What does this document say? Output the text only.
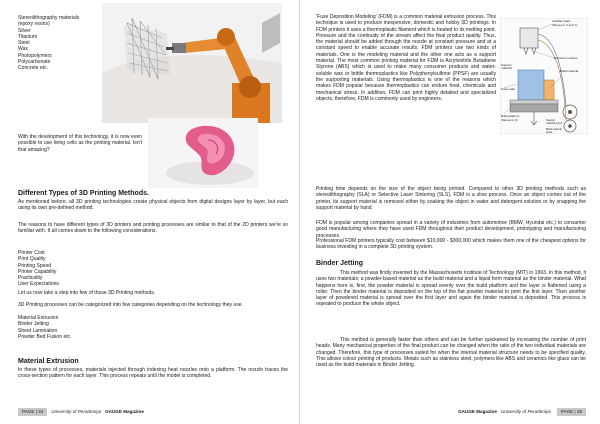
Stereolithography materials
(epoxy resins)
Silver
Titanium
Steel
Wax
Photopolymers
Polycarbonate
Concrete etc.

With the development of this technology, it is now even possible to use living cells as the printing material. Isn't that amazing?

Different Types of 3D Printing Methods.

As mentioned before, all 3D printing technologies create physical objects from digital designs layer by layer, but each using its own pre-defined method.

The reasons to have different types of 3D printers and printing processes are similar to that of the 2D printers we're so familiar with. It all comes down to the following considerations.

Printer Cost
Print Quality
Printing Speed
Printer Capability
Practicality
User Expectations

Let us now take a step into few of those 3D Printing methods.

3D Printing processes can be categorized into few categories depending on the technology they use.

Material Extrusion
Binder Jetting
Sheet Lamination
Powder Bed Fusion etc.
Material Extrusion

In these types of processes, materials injected through indexing heat nozzles onto a platform. The nozzle traces the cross-section pattern for each layer. This process repeats until the model is completed.

PAGE | 34	University of Peradeniya GAUGE Magazine
Liquifier head
(Moves in X and Y)
Extrusion nozzles
Support material
Build material
Foam slab
Build platform
(Moves in Z)	Support material spool
Build material spool

‘Fuse Deposition Modeling’ (FDM) is a common material extrusion process. This technique is used to produce inexpensive, domestic and hobby 3D printings. In FDM printers it uses a thermoplastic filament which is heated to its melting point. Pressure and the continuity of the stream affect the final product quality. Thus, the material should be added through the nozzle at constant pressure and at a constant speed to enable accurate results. FDM printers use two kinds of materials. One is the modeling material and the other one acts as a support material. The most common printing material for FDM is Acrylonitrile Butadiene Styrene (ABS) which is used to make many consumer products and water-soluble wax or brittle thermoplastics like Polyphenylsulfone (PPSF) are usually the supporting materials. Using thermoplastics is one of the reasons which makes FDM popular because thermoplastics can endure heat, chemicals and mechanical stress. In addition, FDM can print highly detailed and specialized objects, therefore, FDM is commonly used by engineers.

Printing time depends on the size of the object being printed. Compared to other 3D printing methods such as stereolithography (SLA) or Selective Laser Sintering (SLS), FDM is a slow process. Once an object comes out of the printer, its support material is removed either by soaking the object in water and detergent solution or by snapping the support material by hand.

FDM is popular among companies spread in a variety of industries from automotive (BMW, Hyundai etc.) to consumer good manufacturing where they have used FDM throughout their product development, prototyping and manufacturing processes.

Professional FDM printers typically cost between $10,000 - $300,000 which makes them one of the cheapest options for business investing in a complete 3D printing system.

Binder Jetting

This method was firstly invented by the Massachusetts Institute of Technology (MIT) in 1993. In this method, it uses two materials; a powder-based material as the build material and a liquid form material as the binder material. What happens here is, first, the powder material is spread evenly over the build platform and the layer is flattened using a roller. Then the binder material is deposited on the top of the flat powder material to print the first layer. Then another layer of powdered material is spread over the first layer and again the binder material is deposited. This process is repeated to produce the whole object.

This method is generally faster than others and can be further quickened by increasing the number of print heads. Many mechanical properties of the final product can be changed when the ratio of the two individual materials are changed. Therefore, this type of processes suited for when the internal material structure needs to be specified quality. This allows colour printing of products. Metals such as stainless steel, polymers like ABS and ceramics like glass can be used as the build materials in Binder Jetting.

GAUGE Magazine University of Peradeniya	PAGE | 35
